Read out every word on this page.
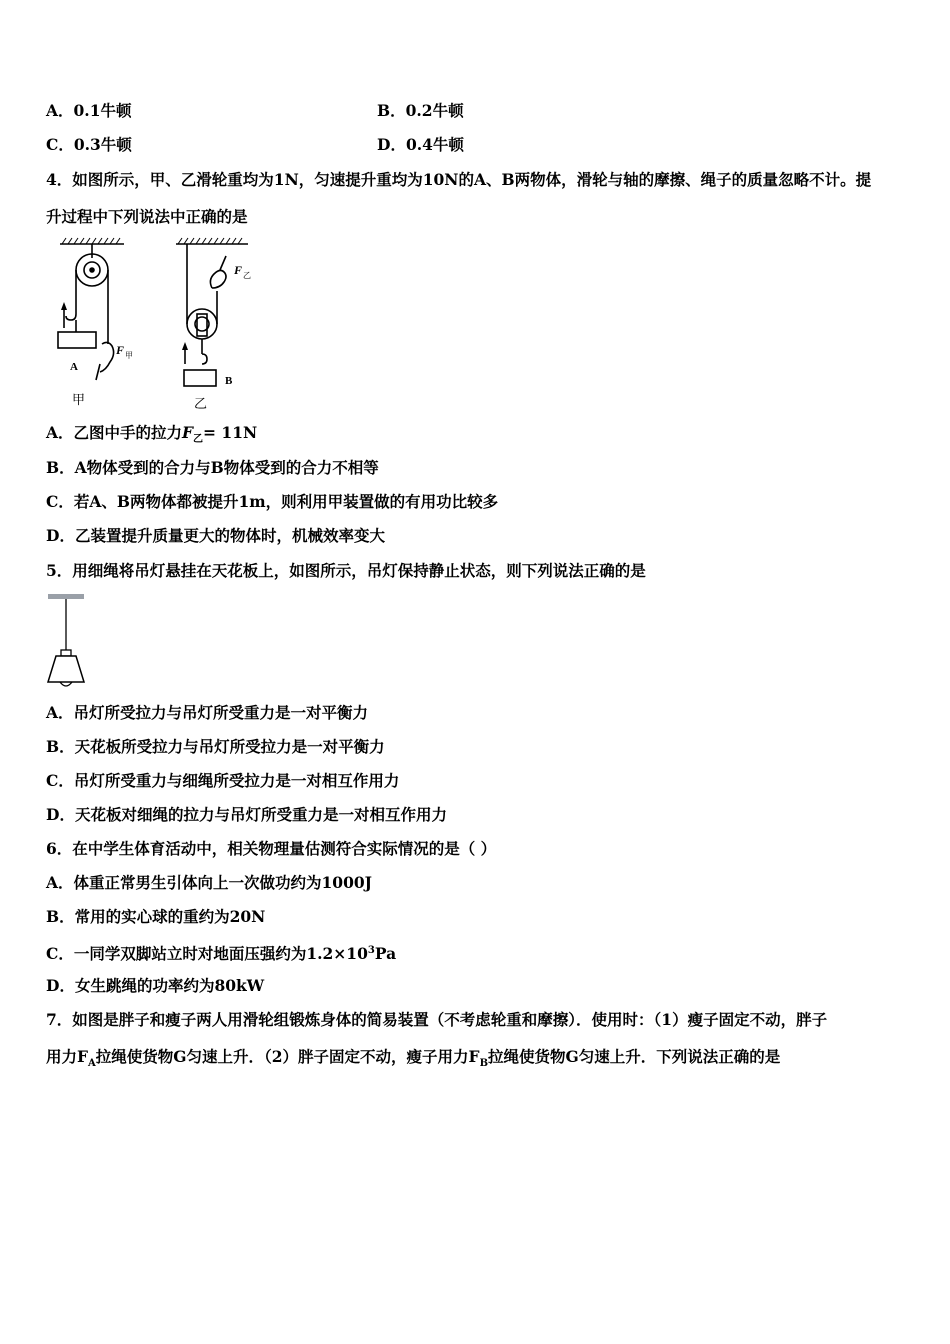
A．0.1牛顿	B．0.2牛顿
C．0.3牛顿	D．0.4牛顿
4．如图所示，甲、乙滑轮重均为1N，匀速提升重均为10N的A、B两物体，滑轮与轴的摩擦、绳子的质量忽略不计。提
升过程中下列说法中正确的是
A
B
甲	乙
F 甲
F 乙
A．乙图中手的拉力$F_乙= 11N$
B．A物体受到的合力与B物体受到的合力不相等
C．若A、B两物体都被提升1m，则利用甲装置做的有用功比较多
D．乙装置提升质量更大的物体时，机械效率变大
5．用细绳将吊灯悬挂在天花板上，如图所示，吊灯保持静止状态，则下列说法正确的是
A．吊灯所受拉力与吊灯所受重力是一对平衡力
B．天花板所受拉力与吊灯所受拉力是一对平衡力
C．吊灯所受重力与细绳所受拉力是一对相互作用力
D．天花板对细绳的拉力与吊灯所受重力是一对相互作用力
6．在中学生体育活动中，相关物理量估测符合实际情况的是（ ）
A．体重正常男生引体向上一次做功约为1000J
B．常用的实心球的重约为20N
C．一同学双脚站立时对地面压强约为$1.2\times 10^3Pa$
D．女生跳绳的功率约为80kW
7．如图是胖子和瘦子两人用滑轮组锻炼身体的简易装置（不考虑轮重和摩擦）．使用时：（1）瘦子固定不动，胖子
用力$F_A$拉绳使货物G匀速上升．（2）胖子固定不动，瘦子用力$F_B$拉绳使货物G匀速上升．下列说法正确的是
